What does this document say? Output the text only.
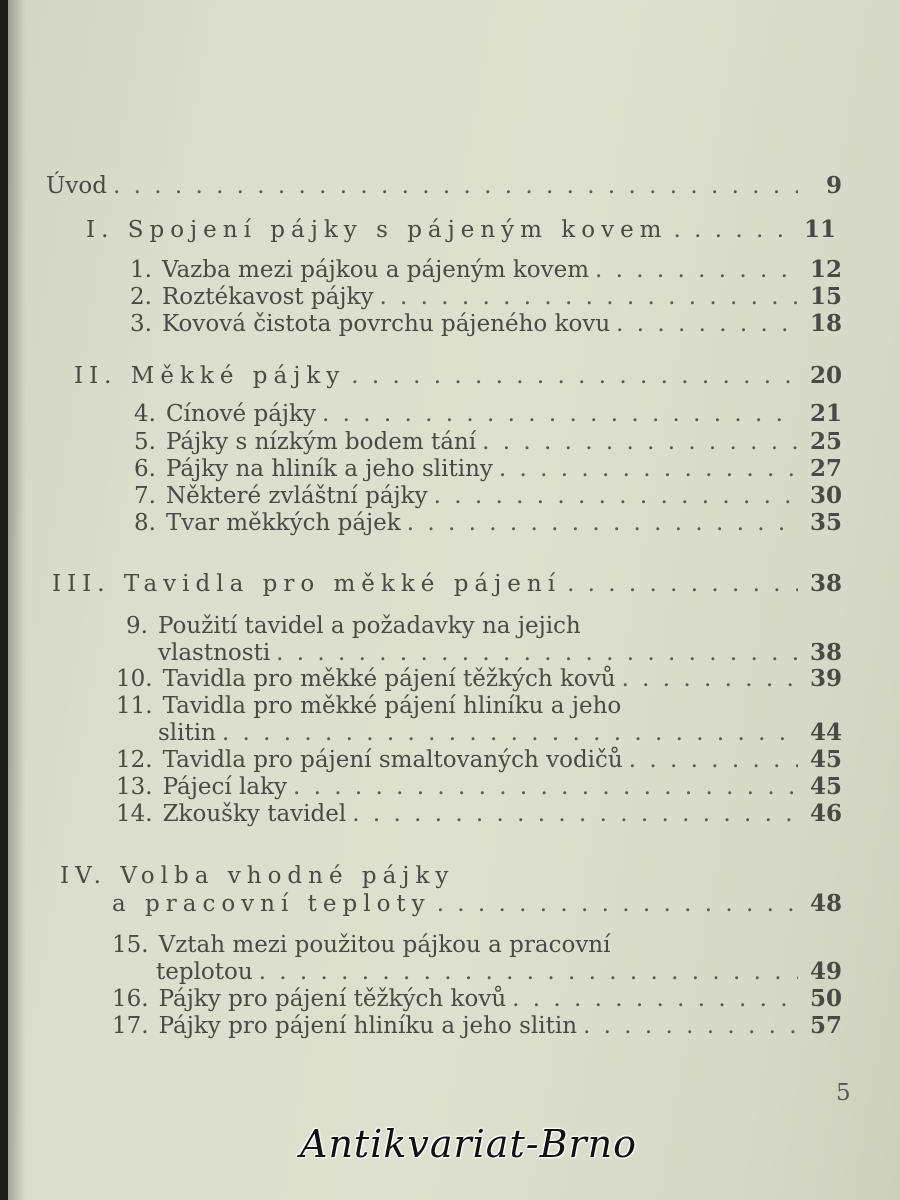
Úvod . . .	9
I. Spojení pájky s pájeným kovem . . .	11
1. Vazba mezi pájkou a pájeným kovem . . .	12
2. Roztékavost pájky . . .	15
3. Kovová čistota povrchu pájeného kovu . . .	18
II. Měkké pájky . . .	20
4. Cínové pájky . . .	21
5. Pájky s nízkým bodem tání . . .	25
6. Pájky na hliník a jeho slitiny . . .	27
7. Některé zvláštní pájky . . .	30
8. Tvar měkkých pájek . . .	35
III. Tavidla pro měkké pájení . . .	38
9. Použití tavidel a požadavky na jejich
vlastnosti . . .	38
10. Tavidla pro měkké pájení těžkých kovů . . .	39
11. Tavidla pro měkké pájení hliníku a jeho
slitin . . .	44
12. Tavidla pro pájení smaltovaných vodičů . . .	45
13. Pájecí laky . . .	45
14. Zkoušky tavidel . . .	46
IV. Volba vhodné pájky
a pracovní teploty . . .	48
15. Vztah mezi použitou pájkou a pracovní
teplotou . . .	49
16. Pájky pro pájení těžkých kovů . . .	50
17. Pájky pro pájení hliníku a jeho slitin . . .	57
5
Antikvariat-Brno
